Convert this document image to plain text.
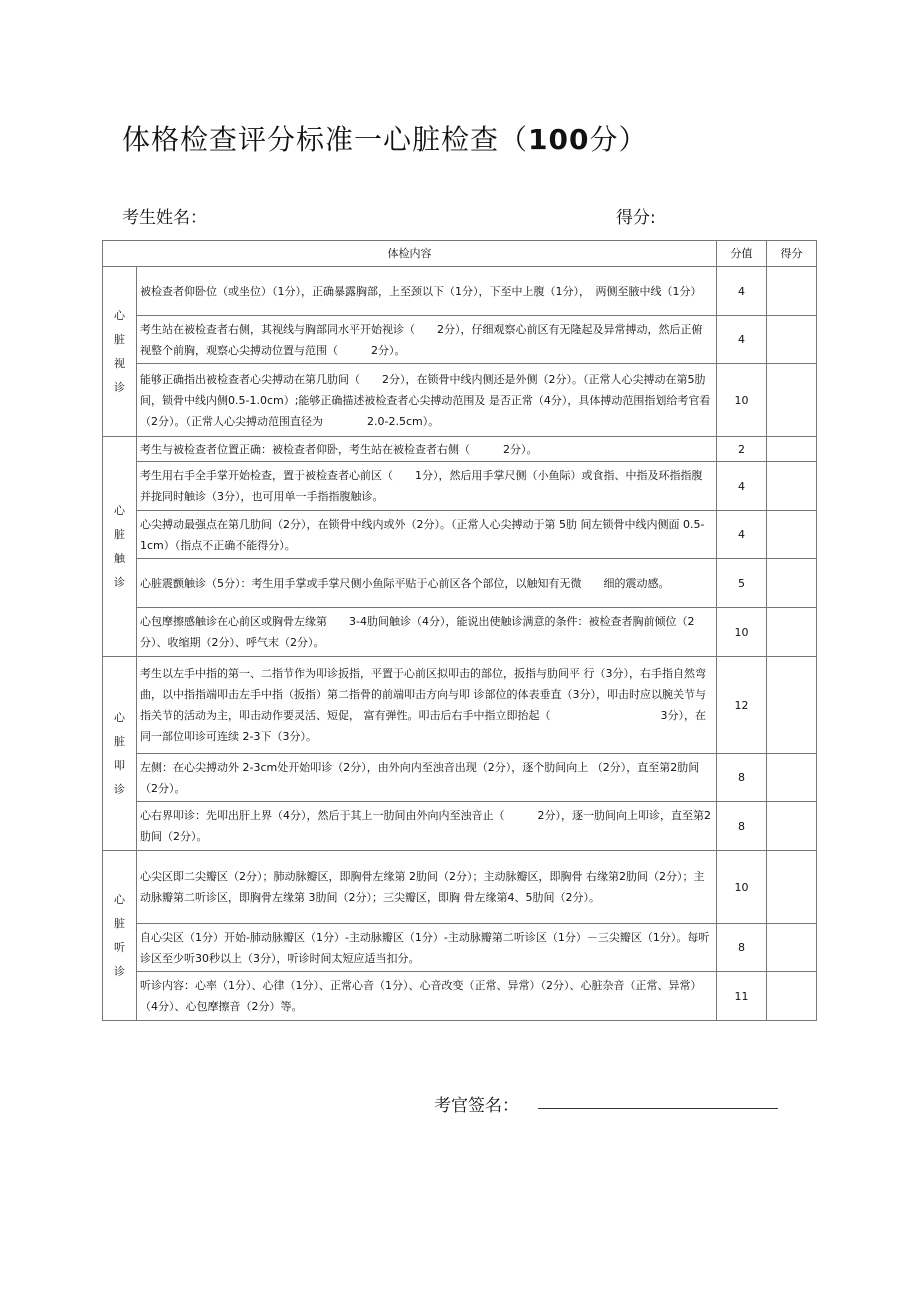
体格检查评分标准一心脏检查（100分）
考生姓名：	得分:
体检内容		分值	得分

心脏视诊	被检查者仰卧位（或坐位）（1分），正确暴露胸部，上至颈以下（1分），下至中上腹（1分），　两侧至腋中线（1分）	4	
	考生站在被检查者右侧，其视线与胸部同水平开始视诊（　　2分），仔细观察心前区有无隆起及异常搏动，然后正俯视整个前胸，观察心尖搏动位置与范围（　　　2分）。	4	
	能够正确指出被检查者心尖搏动在第几肋间（　　2分），在锁骨中线内侧还是外侧（2分）。（正常人心尖搏动在第5肋间，锁骨中线内侧0.5-1.0cm）;能够正确描述被检查者心尖搏动范围及 是否正常（4分），具体搏动范围指划给考官看（2分）。（正常人心尖搏动范围直径为　　　　2.0-2.5cm）。	10	

心脏触诊	考生与被检查者位置正确：被检查者仰卧，考生站在被检查者右侧（　　　2分）。	2	
	考生用右手全手掌开始检查，置于被检查者心前区（　　1分），然后用手掌尺侧（小鱼际）或食指、中指及环指指腹并拢同时触诊（3分），也可用单一手指指腹触诊。	4	
	心尖搏动最强点在第几肋间（2分），在锁骨中线内或外（2分）。（正常人心尖搏动于第 5肋 间左锁骨中线内侧面 0.5-1cm）（指点不正确不能得分）。	4	
	心脏震颤触诊（5分）：考生用手掌或手掌尺侧小鱼际平贴于心前区各个部位，以触知有无微　　细的震动感。	5	
	心包摩擦感触诊在心前区或胸骨左缘第　　3-4肋间触诊（4分），能说出使触诊满意的条件：被检查者胸前倾位（2分）、收缩期（2分）、呼气末（2分）。	10	

心脏叩诊	考生以左手中指的第一、二指节作为叩诊扳指，平置于心前区拟叩击的部位，扳指与肋间平 行（3分），右手指自然弯曲，以中指指端叩击左手中指（扳指）第二指骨的前端叩击方向与叩 诊部位的体表垂直（3分），叩击时应以腕关节与指关节的活动为主，叩击动作要灵活、短促， 富有弹性。叩击后右手中指立即抬起（　　　　　　　　　　3分），在同一部位叩诊可连续 2-3下（3分）。	12	
	左侧：在心尖搏动外 2-3cm处开始叩诊（2分），由外向内至浊音出现（2分），逐个肋间向上 （2分），直至第2肋间（2分）。	8	
	心右界叩诊：先叩出肝上界（4分），然后于其上一肋间由外向内至浊音止（　　　2分），逐一肋间向上叩诊，直至第2肋间（2分）。	8	

心脏听诊	心尖区即二尖瓣区（2分）；肺动脉瓣区，即胸骨左缘第 2肋间（2分）；主动脉瓣区，即胸骨 右缘第2肋间（2分）；主动脉瓣第二听诊区，即胸骨左缘第 3肋间（2分）；三尖瓣区，即胸 骨左缘第4、5肋间（2分）。	10	
	自心尖区（1分）开始-肺动脉瓣区（1分）-主动脉瓣区（1分）-主动脉瓣第二听诊区（1分）－三尖瓣区（1分）。每听诊区至少听30秒以上（3分），听诊时间太短应适当扣分。	8	
	听诊内容：心率（1分）、心律（1分）、正常心音（1分）、心音改变（正常、异常）（2分）、心脏杂音（正常、异常）（4分）、心包摩擦音（2分）等。	11	
考官签名：
